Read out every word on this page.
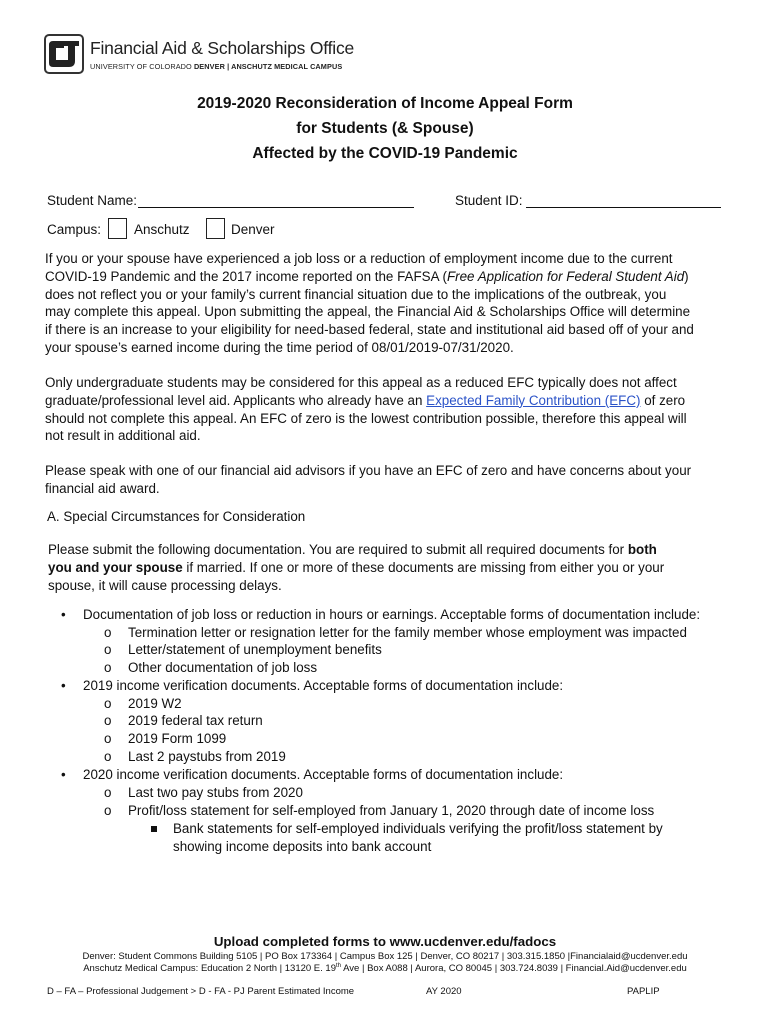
Financial Aid & Scholarships Office
UNIVERSITY OF COLORADO DENVER | ANSCHUTZ MEDICAL CAMPUS
2019-2020 Reconsideration of Income Appeal Form
for Students (& Spouse)
Affected by the COVID-19 Pandemic
Student Name:	Student ID:
Campus: Anschutz	Denver

If you or your spouse have experienced a job loss or a reduction of employment income due to the current COVID-19 Pandemic and the 2017 income reported on the FAFSA (Free Application for Federal Student Aid) does not reflect you or your family’s current financial situation due to the implications of the outbreak, you may complete this appeal. Upon submitting the appeal, the Financial Aid & Scholarships Office will determine if there is an increase to your eligibility for need-based federal, state and institutional aid based off of your and your spouse’s earned income during the time period of 08/01/2019-07/31/2020.

Only undergraduate students may be considered for this appeal as a reduced EFC typically does not affect graduate/professional level aid. Applicants who already have an Expected Family Contribution (EFC) of zero should not complete this appeal. An EFC of zero is the lowest contribution possible, therefore this appeal will not result in additional aid.

Please speak with one of our financial aid advisors if you have an EFC of zero and have concerns about your financial aid award.

A. Special Circumstances for Consideration

Please submit the following documentation. You are required to submit all required documents for both you and your spouse if married. If one or more of these documents are missing from either you or your spouse, it will cause processing delays.

• Documentation of job loss or reduction in hours or earnings. Acceptable forms of documentation include:
o Termination letter or resignation letter for the family member whose employment was impacted
o Letter/statement of unemployment benefits
o Other documentation of job loss
• 2019 income verification documents. Acceptable forms of documentation include:
o 2019 W2
o 2019 federal tax return
o 2019 Form 1099
o Last 2 paystubs from 2019
• 2020 income verification documents. Acceptable forms of documentation include:
o Last two pay stubs from 2020
o Profit/loss statement for self-employed from January 1, 2020 through date of income loss
Bank statements for self-employed individuals verifying the profit/loss statement by showing income deposits into bank account
Upload completed forms to www.ucdenver.edu/fadocs
Denver: Student Commons Building 5105 | PO Box 173364 | Campus Box 125 | Denver, CO 80217 | 303.315.1850 |Financialaid@ucdenver.edu
Anschutz Medical Campus: Education 2 North | 13120 E. 19th Ave | Box A088 | Aurora, CO 80045 | 303.724.8039 | Financial.Aid@ucdenver.edu
D – FA – Professional Judgement > D - FA - PJ Parent Estimated Income	AY 2020	PAPLIP
